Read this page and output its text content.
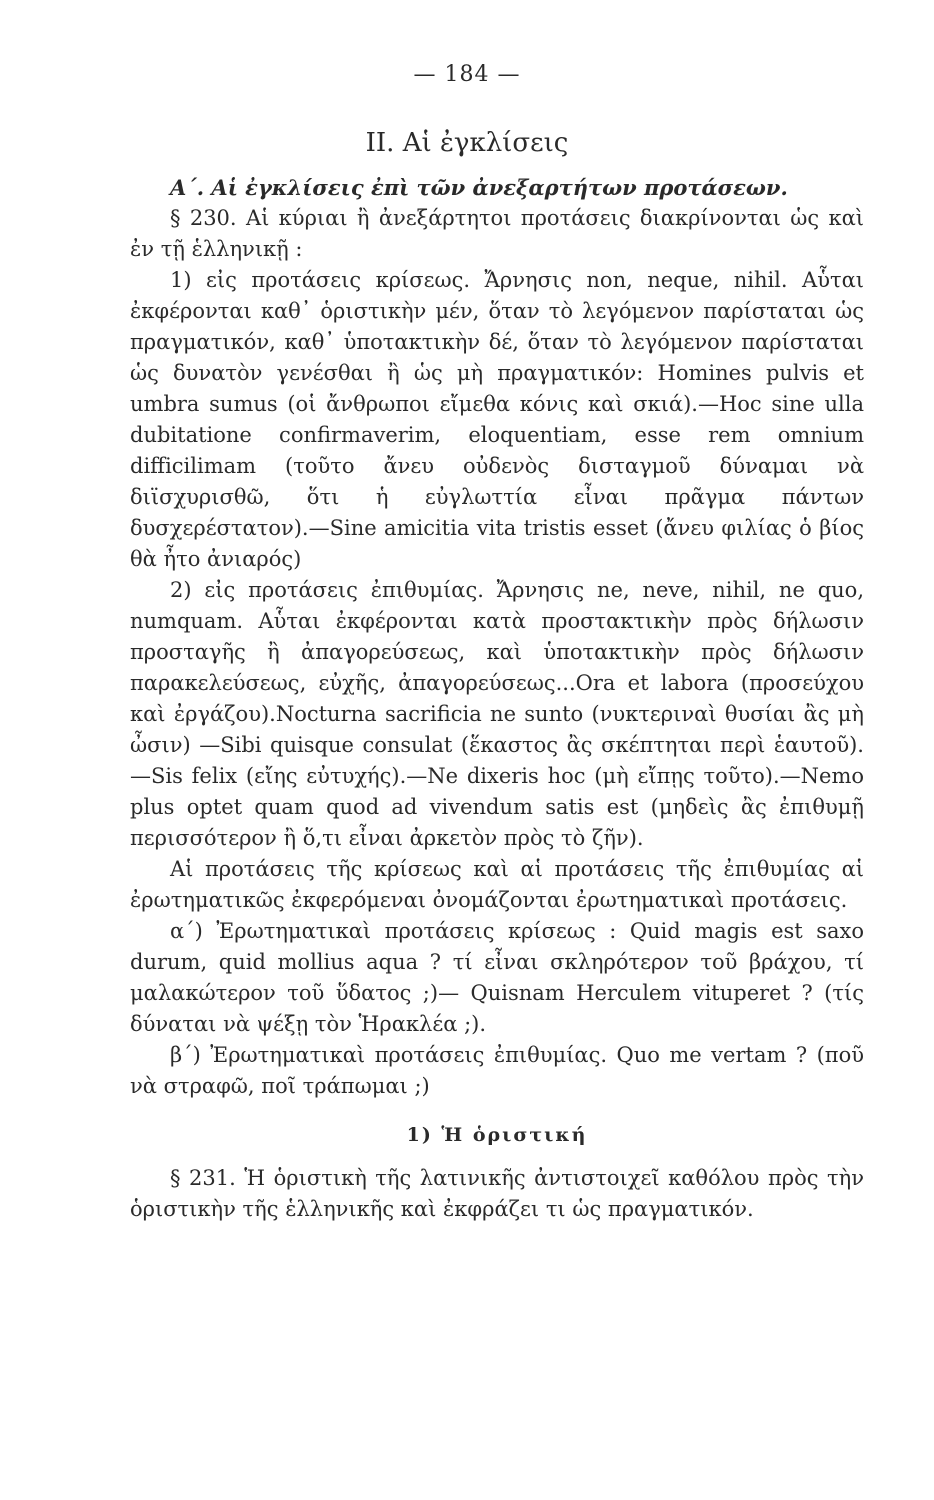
— 184 —
II. Αἱ ἐγκλίσεις

Α΄. Αἱ ἐγκλίσεις ἐπὶ τῶν ἀνεξαρτήτων προτάσεων.

§ 230. Αἱ κύριαι ἢ ἀνεξάρτητοι προτάσεις διακρίνονται ὡς καὶ ἐν τῇ ἑλληνικῇ :

1) εἰς προτάσεις κρίσεως. Ἄρνησις non, neque, nihil. Αὗται ἐκφέρονται καθ᾽ ὁριστικὴν μέν, ὅταν τὸ λεγόμενον παρίσταται ὡς πραγματικόν, καθ᾽ ὑποτακτικὴν δέ, ὅταν τὸ λεγόμενον παρίσταται ὡς δυνατὸν γενέσθαι ἢ ὡς μὴ πραγματικόν: Homines pulvis et umbra sumus (οἱ ἄνθρωποι εἴμεθα κόνις καὶ σκιά).—Hoc sine ulla dubitatione confirmaverim, eloquentiam, esse rem omnium difficilimam (τοῦτο ἄνευ οὐδενὸς δισταγμοῦ δύναμαι νὰ διϊσχυρισθῶ, ὅτι ἡ εὐγλωττία εἶναι πρᾶγμα πάντων δυσχερέστατον).—Sine amicitia vita tristis esset (ἄνευ φιλίας ὁ βίος θὰ ἦτο ἀνιαρός)

2) εἰς προτάσεις ἐπιθυμίας. Ἄρνησις ne, neve, nihil, ne quo, numquam. Αὗται ἐκφέρονται κατὰ προστακτικὴν πρὸς δήλωσιν προσταγῆς ἢ ἀπαγορεύσεως, καὶ ὑποτακτικὴν πρὸς δήλωσιν παρακελεύσεως, εὐχῆς, ἀπαγορεύσεως...Ora et labora (προσεύχου καὶ ἐργάζου).Nocturna sacrificia ne sunto (νυκτεριναὶ θυσίαι ἂς μὴ ὦσιν) —Sibi quisque consulat (ἕκαστος ἂς σκέπτηται περὶ ἑαυτοῦ).—Sis felix (εἴης εὐτυχής).—Ne dixeris hoc (μὴ εἴπῃς τοῦτο).—Nemo plus optet quam quod ad vivendum satis est (μηδεὶς ἂς ἐπιθυμῇ περισσότερον ἢ ὅ,τι εἶναι ἀρκετὸν πρὸς τὸ ζῆν).

Αἱ προτάσεις τῆς κρίσεως καὶ αἱ προτάσεις τῆς ἐπιθυμίας αἱ ἐρωτηματικῶς ἐκφερόμεναι ὀνομάζονται ἐρωτηματικαὶ προτάσεις.

α΄) Ἐρωτηματικαὶ προτάσεις κρίσεως : Quid magis est saxo durum, quid mollius aqua ? τί εἶναι σκληρότερον τοῦ βράχου, τί μαλακώτερον τοῦ ὕδατος ;)— Quisnam Herculem vituperet ? (τίς δύναται νὰ ψέξῃ τὸν Ἡρακλέα ;).

β΄) Ἐρωτηματικαὶ προτάσεις ἐπιθυμίας. Quo me vertam ? (ποῦ νὰ στραφῶ, ποῖ τράπωμαι ;)

1) Ἡ ὁριστική

§ 231. Ἡ ὁριστικὴ τῆς λατινικῆς ἀντιστοιχεῖ καθόλου πρὸς τὴν ὁριστικὴν τῆς ἑλληνικῆς καὶ ἐκφράζει τι ὡς πραγματικόν.
